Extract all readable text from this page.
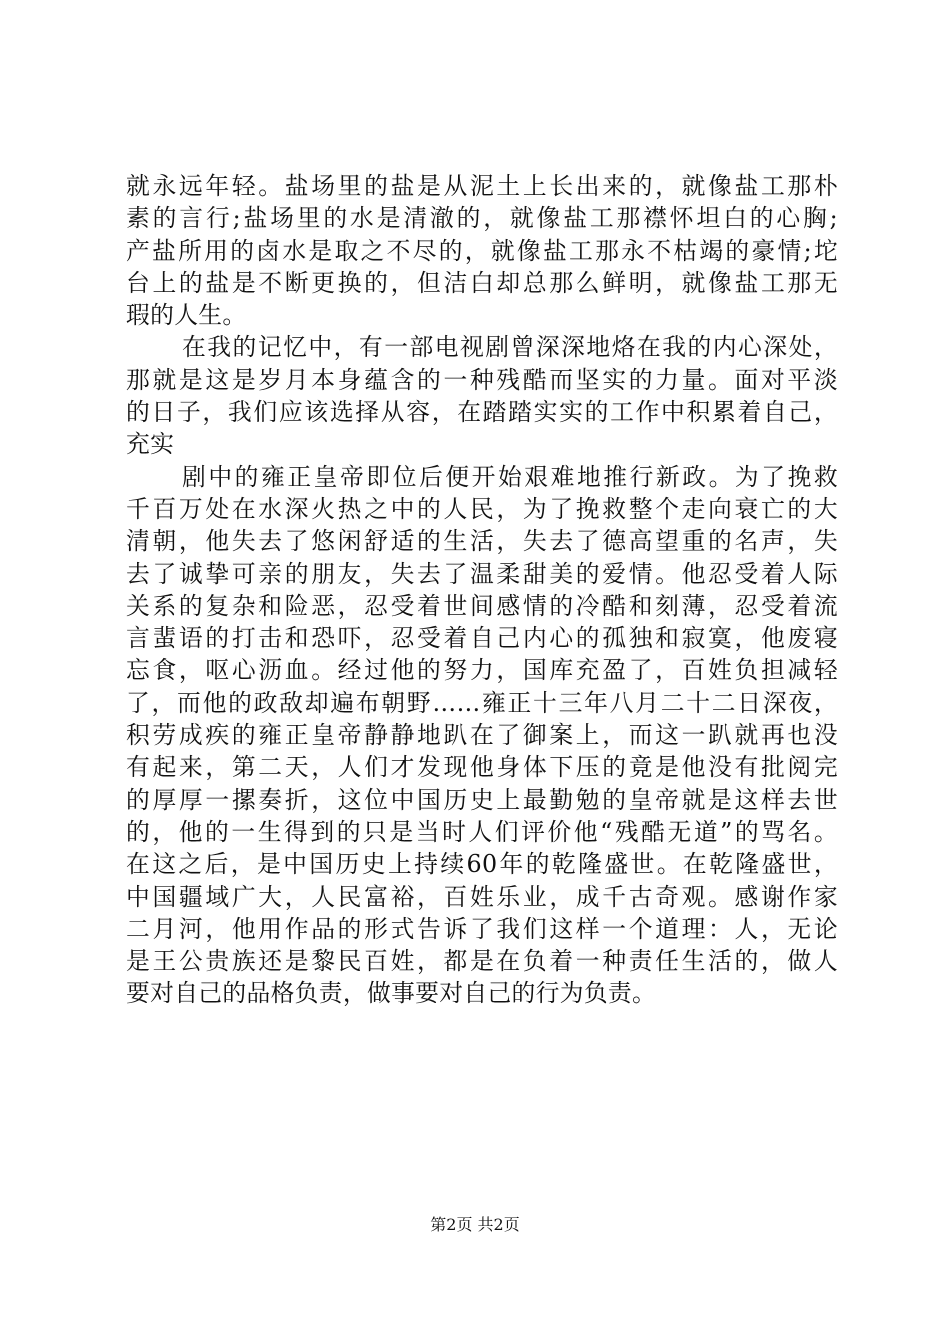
就永远年轻。盐场里的盐是从泥土上长出来的，就像盐工那朴
素的言行;盐场里的水是清澈的，就像盐工那襟怀坦白的心胸;
产盐所用的卤水是取之不尽的，就像盐工那永不枯竭的豪情;坨
台上的盐是不断更换的，但洁白却总那么鲜明，就像盐工那无
瑕的人生。
在我的记忆中，有一部电视剧曾深深地烙在我的内心深处，
那就是这是岁月本身蕴含的一种残酷而坚实的力量。面对平淡
的日子，我们应该选择从容，在踏踏实实的工作中积累着自己，
充实
剧中的雍正皇帝即位后便开始艰难地推行新政。为了挽救
千百万处在水深火热之中的人民，为了挽救整个走向衰亡的大
清朝，他失去了悠闲舒适的生活，失去了德高望重的名声，失
去了诚挚可亲的朋友，失去了温柔甜美的爱情。他忍受着人际
关系的复杂和险恶，忍受着世间感情的冷酷和刻薄，忍受着流
言蜚语的打击和恐吓，忍受着自己内心的孤独和寂寞，他废寝
忘食，呕心沥血。经过他的努力，国库充盈了，百姓负担减轻
了，而他的政敌却遍布朝野……雍正十三年八月二十二日深夜，
积劳成疾的雍正皇帝静静地趴在了御案上，而这一趴就再也没
有起来，第二天，人们才发现他身体下压的竟是他没有批阅完
的厚厚一摞奏折，这位中国历史上最勤勉的皇帝就是这样去世
的，他的一生得到的只是当时人们评价他“残酷无道”的骂名。
在这之后，是中国历史上持续60年的乾隆盛世。在乾隆盛世，
中国疆域广大，人民富裕，百姓乐业，成千古奇观。感谢作家
二月河，他用作品的形式告诉了我们这样一个道理：人，无论
是王公贵族还是黎民百姓，都是在负着一种责任生活的，做人
要对自己的品格负责，做事要对自己的行为负责。
第2页 共2页
